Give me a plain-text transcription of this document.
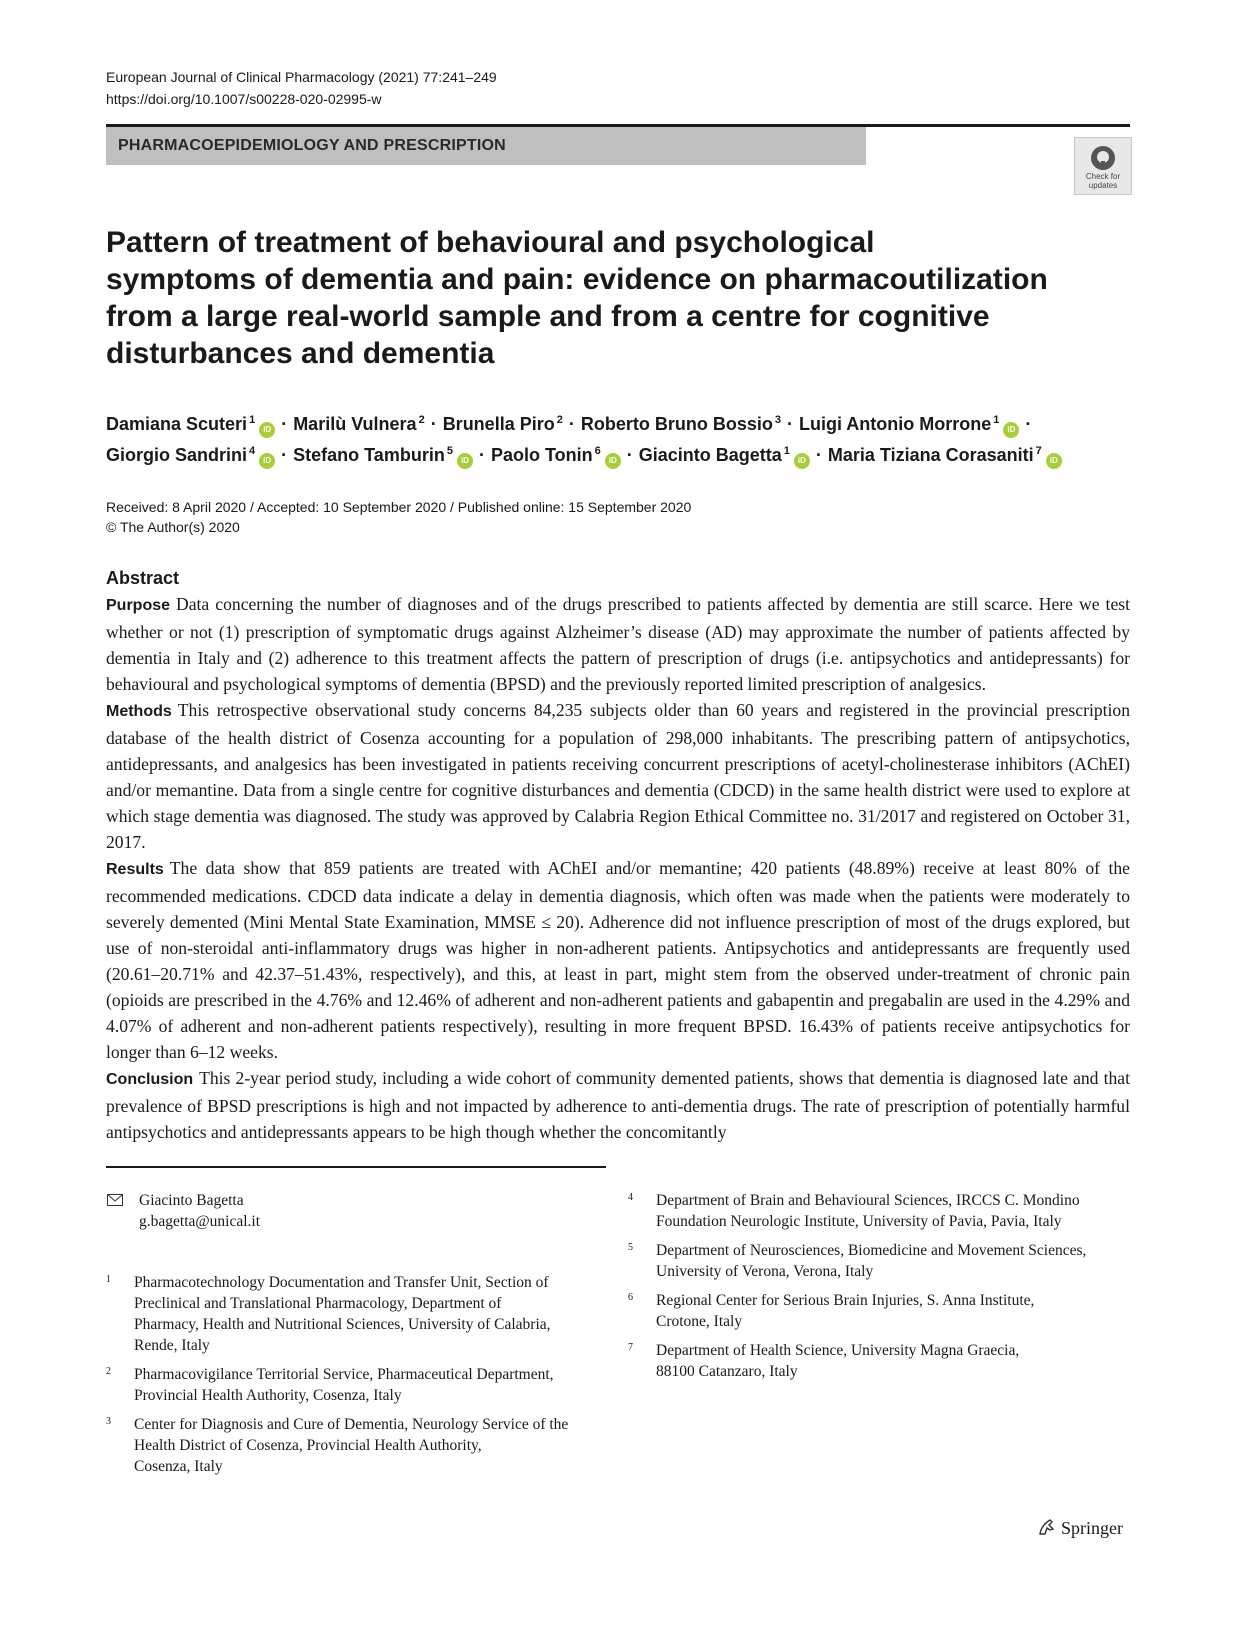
European Journal of Clinical Pharmacology (2021) 77:241–249
https://doi.org/10.1007/s00228-020-02995-w
PHARMACOEPIDEMIOLOGY AND PRESCRIPTION
Check for
updates
Pattern of treatment of behavioural and psychological
symptoms of dementia and pain: evidence on pharmacoutilization
from a large real-world sample and from a centre for cognitive
disturbances and dementia
Damiana Scuteri $^1$iD · Marilù Vulnera $^2$ · Brunella Piro $^2$ · Roberto Bruno Bossio $^3$ · Luigi Antonio Morrone $^1$iD ·
Giorgio Sandrini $^4$iD · Stefano Tamburin $^5$iD · Paolo Tonin $^6$iD · Giacinto Bagetta $^1$iD · Maria Tiziana Corasaniti $^7$iD
Received: 8 April 2020 / Accepted: 10 September 2020 / Published online: 15 September 2020
© The Author(s) 2020
Abstract

Purpose Data concerning the number of diagnoses and of the drugs prescribed to patients affected by dementia are still scarce. Here we test whether or not (1) prescription of symptomatic drugs against Alzheimer’s disease (AD) may approximate the number of patients affected by dementia in Italy and (2) adherence to this treatment affects the pattern of prescription of drugs (i.e. antipsychotics and antidepressants) for behavioural and psychological symptoms of dementia (BPSD) and the previously reported limited prescription of analgesics.

Methods This retrospective observational study concerns 84,235 subjects older than 60 years and registered in the provincial prescription database of the health district of Cosenza accounting for a population of 298,000 inhabitants. The prescribing pattern of antipsychotics, antidepressants, and analgesics has been investigated in patients receiving concurrent prescriptions of acetyl-cholinesterase inhibitors (AChEI) and/or memantine. Data from a single centre for cognitive disturbances and dementia (CDCD) in the same health district were used to explore at which stage dementia was diagnosed. The study was approved by Calabria Region Ethical Committee no. 31/2017 and registered on October 31, 2017.

Results The data show that 859 patients are treated with AChEI and/or memantine; 420 patients (48.89%) receive at least 80% of the recommended medications. CDCD data indicate a delay in dementia diagnosis, which often was made when the patients were moderately to severely demented (Mini Mental State Examination, MMSE ≤ 20). Adherence did not influence prescription of most of the drugs explored, but use of non-steroidal anti-inflammatory drugs was higher in non-adherent patients. Antipsychotics and antidepressants are frequently used (20.61–20.71% and 42.37–51.43%, respectively), and this, at least in part, might stem from the observed under-treatment of chronic pain (opioids are prescribed in the 4.76% and 12.46% of adherent and non-adherent patients and gabapentin and pregabalin are used in the 4.29% and 4.07% of adherent and non-adherent patients respectively), resulting in more frequent BPSD. 16.43% of patients receive antipsychotics for longer than 6–12 weeks.

Conclusion This 2-year period study, including a wide cohort of community demented patients, shows that dementia is diagnosed late and that prevalence of BPSD prescriptions is high and not impacted by adherence to anti-dementia drugs. The rate of prescription of potentially harmful antipsychotics and antidepressants appears to be high though whether the concomitantly

Giacinto Bagetta
g.bagetta@unical.it
1 Pharmacotechnology Documentation and Transfer Unit, Section of
Preclinical and Translational Pharmacology, Department of
Pharmacy, Health and Nutritional Sciences, University of Calabria,
Rende, Italy
2 Pharmacovigilance Territorial Service, Pharmaceutical Department,
Provincial Health Authority, Cosenza, Italy
3 Center for Diagnosis and Cure of Dementia, Neurology Service of the
Health District of Cosenza, Provincial Health Authority,
Cosenza, Italy
4 Department of Brain and Behavioural Sciences, IRCCS C. Mondino
Foundation Neurologic Institute, University of Pavia, Pavia, Italy
5 Department of Neurosciences, Biomedicine and Movement Sciences,
University of Verona, Verona, Italy
6 Regional Center for Serious Brain Injuries, S. Anna Institute,
Crotone, Italy
7 Department of Health Science, University Magna Graecia,
88100 Catanzaro, Italy
Springer
